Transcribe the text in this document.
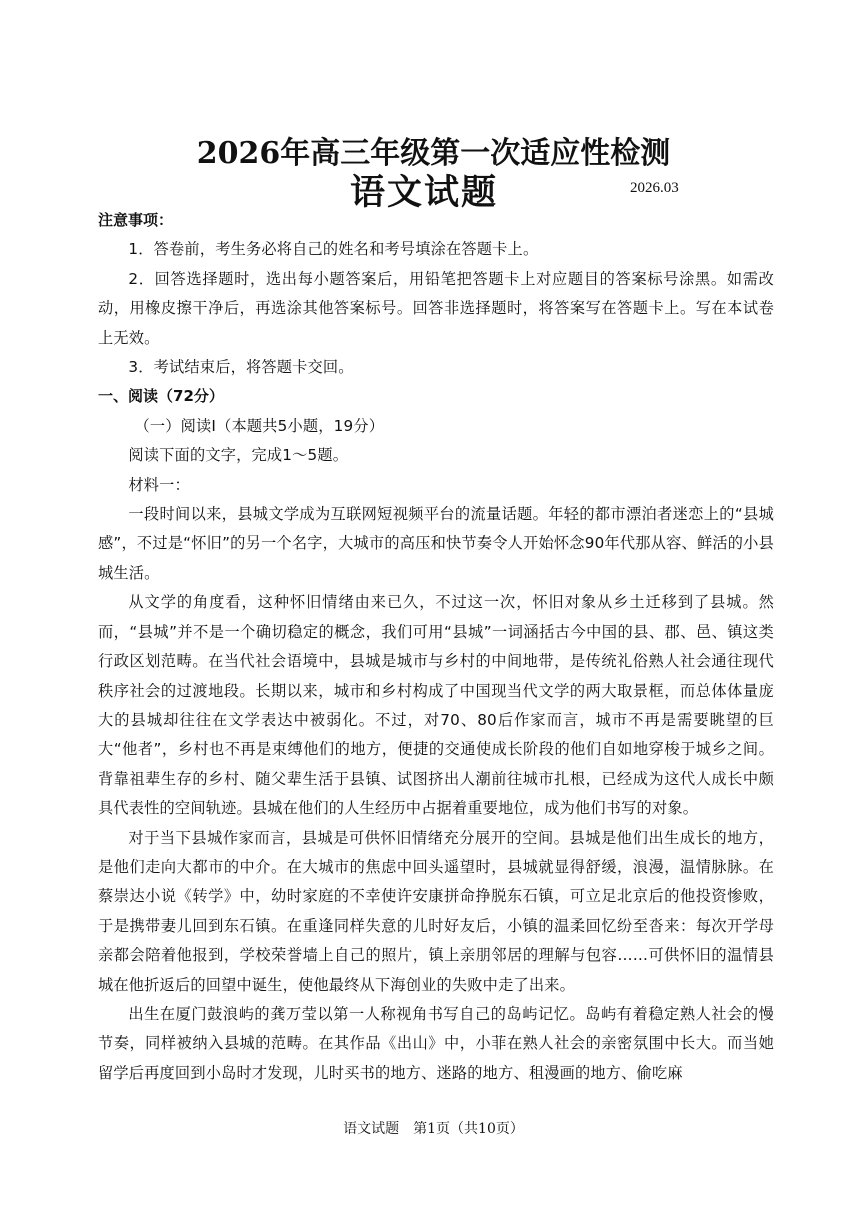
2026年高三年级第一次适应性检测
语文试题	2026.03

注意事项：

1．答卷前，考生务必将自己的姓名和考号填涂在答题卡上。

2．回答选择题时，选出每小题答案后，用铅笔把答题卡上对应题目的答案标号涂黑。如需改动，用橡皮擦干净后，再选涂其他答案标号。回答非选择题时，将答案写在答题卡上。写在本试卷上无效。

3．考试结束后，将答题卡交回。

一、阅读（72分）

（一）阅读Ⅰ（本题共5小题，19分）

阅读下面的文字，完成1～5题。

材料一：

一段时间以来，县城文学成为互联网短视频平台的流量话题。年轻的都市漂泊者迷恋上的“县城感”，不过是“怀旧”的另一个名字，大城市的高压和快节奏令人开始怀念90年代那从容、鲜活的小县城生活。

从文学的角度看，这种怀旧情绪由来已久，不过这一次，怀旧对象从乡土迁移到了县城。然而，“县城”并不是一个确切稳定的概念，我们可用“县城”一词涵括古今中国的县、郡、邑、镇这类行政区划范畴。在当代社会语境中，县城是城市与乡村的中间地带，是传统礼俗熟人社会通往现代秩序社会的过渡地段。长期以来，城市和乡村构成了中国现当代文学的两大取景框，而总体体量庞大的县城却往往在文学表达中被弱化。不过，对70、80后作家而言，城市不再是需要眺望的巨大“他者”，乡村也不再是束缚他们的地方，便捷的交通使成长阶段的他们自如地穿梭于城乡之间。背靠祖辈生存的乡村、随父辈生活于县镇、试图挤出人潮前往城市扎根，已经成为这代人成长中颇具代表性的空间轨迹。县城在他们的人生经历中占据着重要地位，成为他们书写的对象。

对于当下县城作家而言，县城是可供怀旧情绪充分展开的空间。县城是他们出生成长的地方，是他们走向大都市的中介。在大城市的焦虑中回头遥望时，县城就显得舒缓，浪漫，温情脉脉。在蔡崇达小说《转学》中，幼时家庭的不幸使许安康拼命挣脱东石镇，可立足北京后的他投资惨败，于是携带妻儿回到东石镇。在重逢同样失意的儿时好友后，小镇的温柔回忆纷至沓来：每次开学母亲都会陪着他报到，学校荣誉墙上自己的照片，镇上亲朋邻居的理解与包容……可供怀旧的温情县城在他折返后的回望中诞生，使他最终从下海创业的失败中走了出来。

出生在厦门鼓浪屿的龚万莹以第一人称视角书写自己的岛屿记忆。岛屿有着稳定熟人社会的慢节奏，同样被纳入县城的范畴。在其作品《出山》中，小菲在熟人社会的亲密氛围中长大。而当她留学后再度回到小岛时才发现，儿时买书的地方、迷路的地方、租漫画的地方、偷吃麻

语文试题　第1页（共10页）
